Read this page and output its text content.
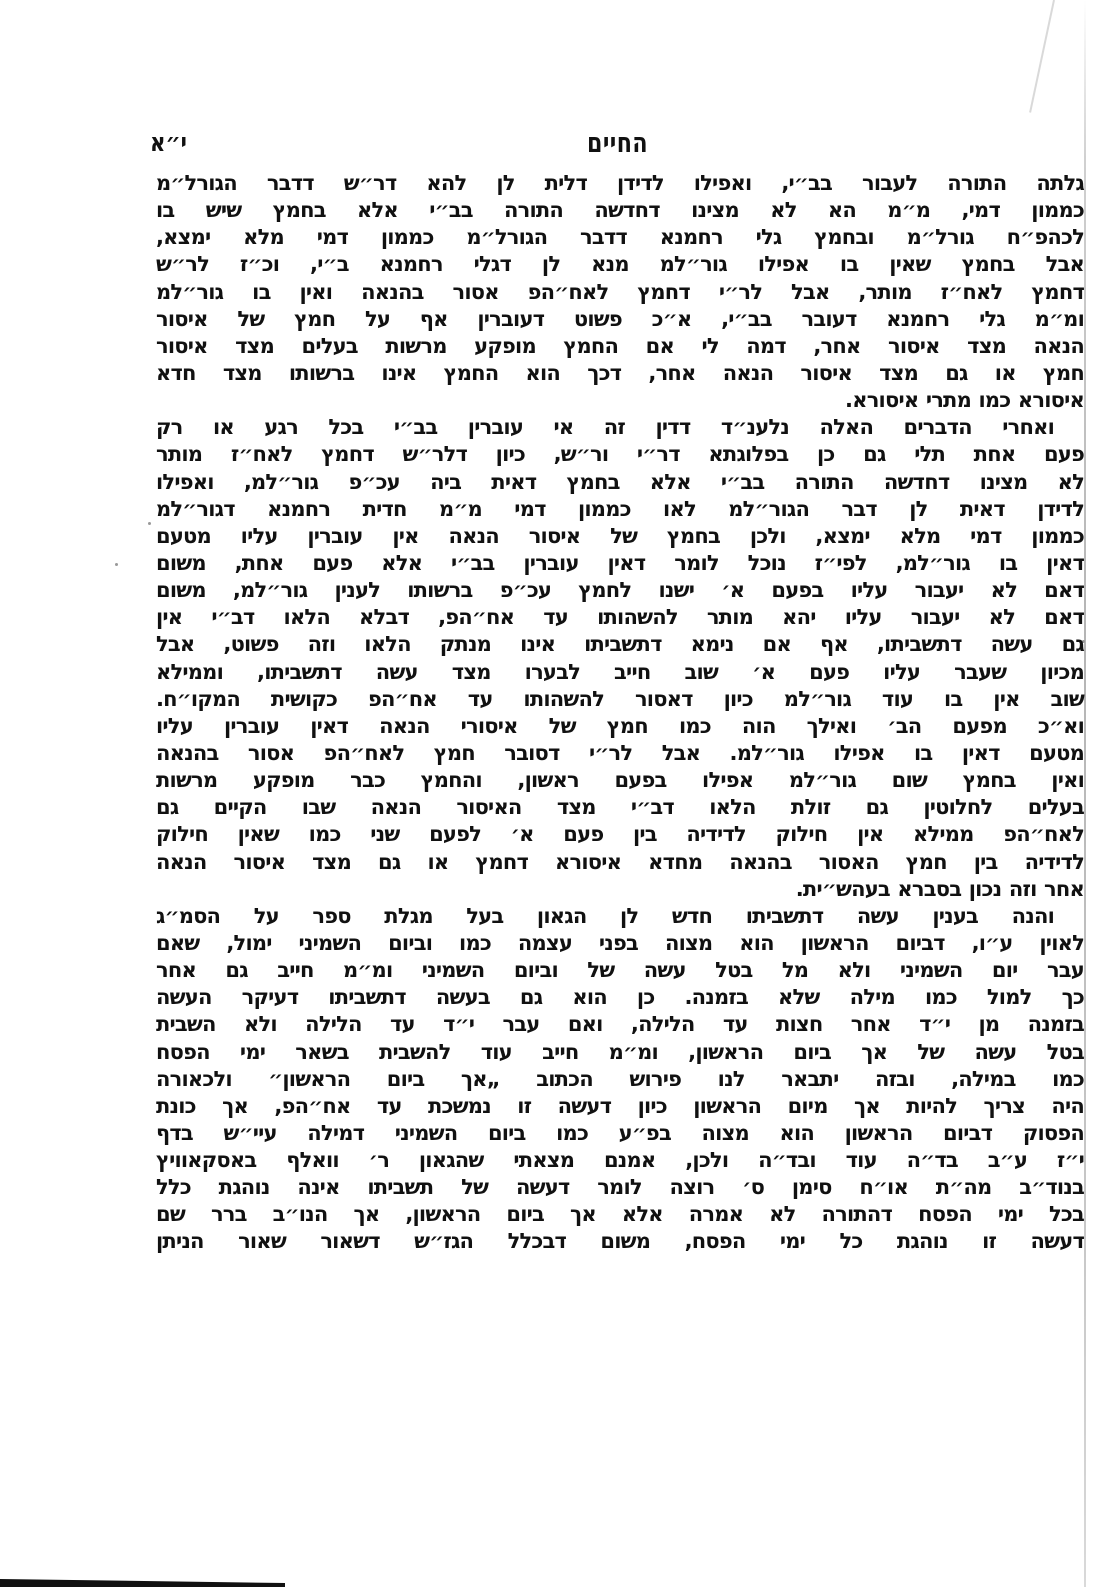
החיים
י״א
גלתה התורה לעבור בב״י, ואפילו לדידן דלית לן להא דר״ש דדבר הגורל״מ
כממון דמי, מ״מ הא לא מצינו דחדשה התורה בב״י אלא בחמץ שיש בו
לכהפ״ח גורל״מ ובחמץ גלי רחמנא דדבר הגורל״מ כממון דמי מלא ימצא,
אבל בחמץ שאין בו אפילו גור״למ מנא לן דגלי רחמנא ב״י, וכ״ז לר״ש
דחמץ לאח״ז מותר, אבל לר״י דחמץ לאח״הפ אסור בהנאה ואין בו גור״למ
ומ״מ גלי רחמנא דעובר בב״י, א״כ פשוט דעוברין אף על חמץ של איסור
הנאה מצד איסור אחר, דמה לי אם החמץ מופקע מרשות בעלים מצד איסור
חמץ או גם מצד איסור הנאה אחר, דכך הוא החמץ אינו ברשותו מצד חדא
איסורא כמו מתרי איסורא.
ואחרי הדברים האלה נלענ״ד דדין זה אי עוברין בב״י בכל רגע או רק
פעם אחת תלי גם כן בפלוגתא דר״י ור״ש, כיון דלר״ש דחמץ לאח״ז מותר
לא מצינו דחדשה התורה בב״י אלא בחמץ דאית ביה עכ״פ גור״למ, ואפילו
לדידן דאית לן דבר הגור״למ לאו כממון דמי מ״מ חדית רחמנא דגור״למ
כממון דמי מלא ימצא, ולכן בחמץ של איסור הנאה אין עוברין עליו מטעם
דאין בו גור״למ, לפי״ז נוכל לומר דאין עוברין בב״י אלא פעם אחת, משום
דאם לא יעבור עליו בפעם א׳ ישנו לחמץ עכ״פ ברשותו לענין גור״למ, משום
דאם לא יעבור עליו יהא מותר להשהותו עד אח״הפ, דבלא הלאו דב״י אין
גם עשה דתשביתו, אף אם נימא דתשביתו אינו מנתק הלאו וזה פשוט, אבל
מכיון שעבר עליו פעם א׳ שוב חייב לבערו מצד עשה דתשביתו, וממילא
שוב אין בו עוד גור״למ כיון דאסור להשהותו עד אח״הפ כקושית המקו״ח.
וא״כ מפעם הב׳ ואילך הוה כמו חמץ של איסורי הנאה דאין עוברין עליו
מטעם דאין בו אפילו גור״למ. אבל לר״י דסובר חמץ לאח״הפ אסור בהנאה
ואין בחמץ שום גור״למ אפילו בפעם ראשון, והחמץ כבר מופקע מרשות
בעלים לחלוטין גם זולת הלאו דב״י מצד האיסור הנאה שבו הקיים גם
לאח״הפ ממילא אין חילוק לדידיה בין פעם א׳ לפעם שני כמו שאין חילוק
לדידיה בין חמץ האסור בהנאה מחדא איסורא דחמץ או גם מצד איסור הנאה
אחר וזה נכון בסברא בעהש״ית.
והנה בענין עשה דתשביתו חדש לן הגאון בעל מגלת ספר על הסמ״ג
לאוין ע״ו, דביום הראשון הוא מצוה בפני עצמה כמו וביום השמיני ימול, שאם
עבר יום השמיני ולא מל בטל עשה של וביום השמיני ומ״מ חייב גם אחר
כך למול כמו מילה שלא בזמנה. כן הוא גם בעשה דתשביתו דעיקר העשה
בזמנה מן י״ד אחר חצות עד הלילה, ואם עבר י״ד עד הלילה ולא השבית
בטל עשה של אך ביום הראשון, ומ״מ חייב עוד להשבית בשאר ימי הפסח
כמו במילה, ובזה יתבאר לנו פירוש הכתוב „אך ביום הראשון״ ולכאורה
היה צריך להיות אך מיום הראשון כיון דעשה זו נמשכת עד אח״הפ, אך כונת
הפסוק דביום הראשון הוא מצוה בפ״ע כמו ביום השמיני דמילה עיי״ש בדף
י״ז ע״ב בד״ה עוד ובד״ה ולכן, אמנם מצאתי שהגאון ר׳ וואלף באסקאוויץ
בנוד״ב מה״ת או״ח סימן ס׳ רוצה לומר דעשה של תשביתו אינה נוהגת כלל
בכל ימי הפסח דהתורה לא אמרה אלא אך ביום הראשון, אך הנו״ב ברר שם
דעשה זו נוהגת כל ימי הפסח, משום דבכלל הגז״ש דשאור שאור הניתן
